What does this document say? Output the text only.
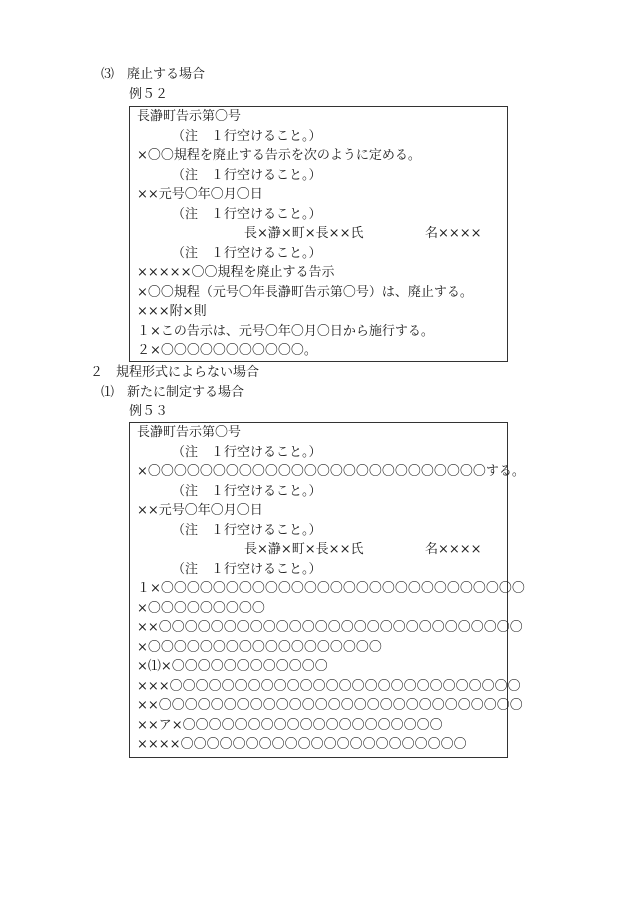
⑶　廃止する場合
例５２
長瀞町告示第〇号
（注　１行空けること。）
×〇〇規程を廃止する告示を次のように定める。
（注　１行空けること。）
××元号〇年〇月〇日
（注　１行空けること。）
長×瀞×町×長××氏	名××××
（注　１行空けること。）
×××××〇〇規程を廃止する告示
×〇〇規程（元号〇年長瀞町告示第〇号）は、廃止する。
×××附×則
１×この告示は、元号〇年〇月〇日から施行する。
２×〇〇〇〇〇〇〇〇〇〇〇。
２　規程形式によらない場合
⑴　新たに制定する場合
例５３
長瀞町告示第〇号
（注　１行空けること。）
×〇〇〇〇〇〇〇〇〇〇〇〇〇〇〇〇〇〇〇〇〇〇〇〇〇〇する。
（注　１行空けること。）
××元号〇年〇月〇日
（注　１行空けること。）
長×瀞×町×長××氏	名××××
（注　１行空けること。）
１×〇〇〇〇〇〇〇〇〇〇〇〇〇〇〇〇〇〇〇〇〇〇〇〇〇〇〇〇
×〇〇〇〇〇〇〇〇〇
××〇〇〇〇〇〇〇〇〇〇〇〇〇〇〇〇〇〇〇〇〇〇〇〇〇〇〇〇
×〇〇〇〇〇〇〇〇〇〇〇〇〇〇〇〇〇〇
×⑴×〇〇〇〇〇〇〇〇〇〇〇〇
×××〇〇〇〇〇〇〇〇〇〇〇〇〇〇〇〇〇〇〇〇〇〇〇〇〇〇〇
××〇〇〇〇〇〇〇〇〇〇〇〇〇〇〇〇〇〇〇〇〇〇〇〇〇〇〇〇
××ア×〇〇〇〇〇〇〇〇〇〇〇〇〇〇〇〇〇〇〇〇
××××〇〇〇〇〇〇〇〇〇〇〇〇〇〇〇〇〇〇〇〇〇〇
